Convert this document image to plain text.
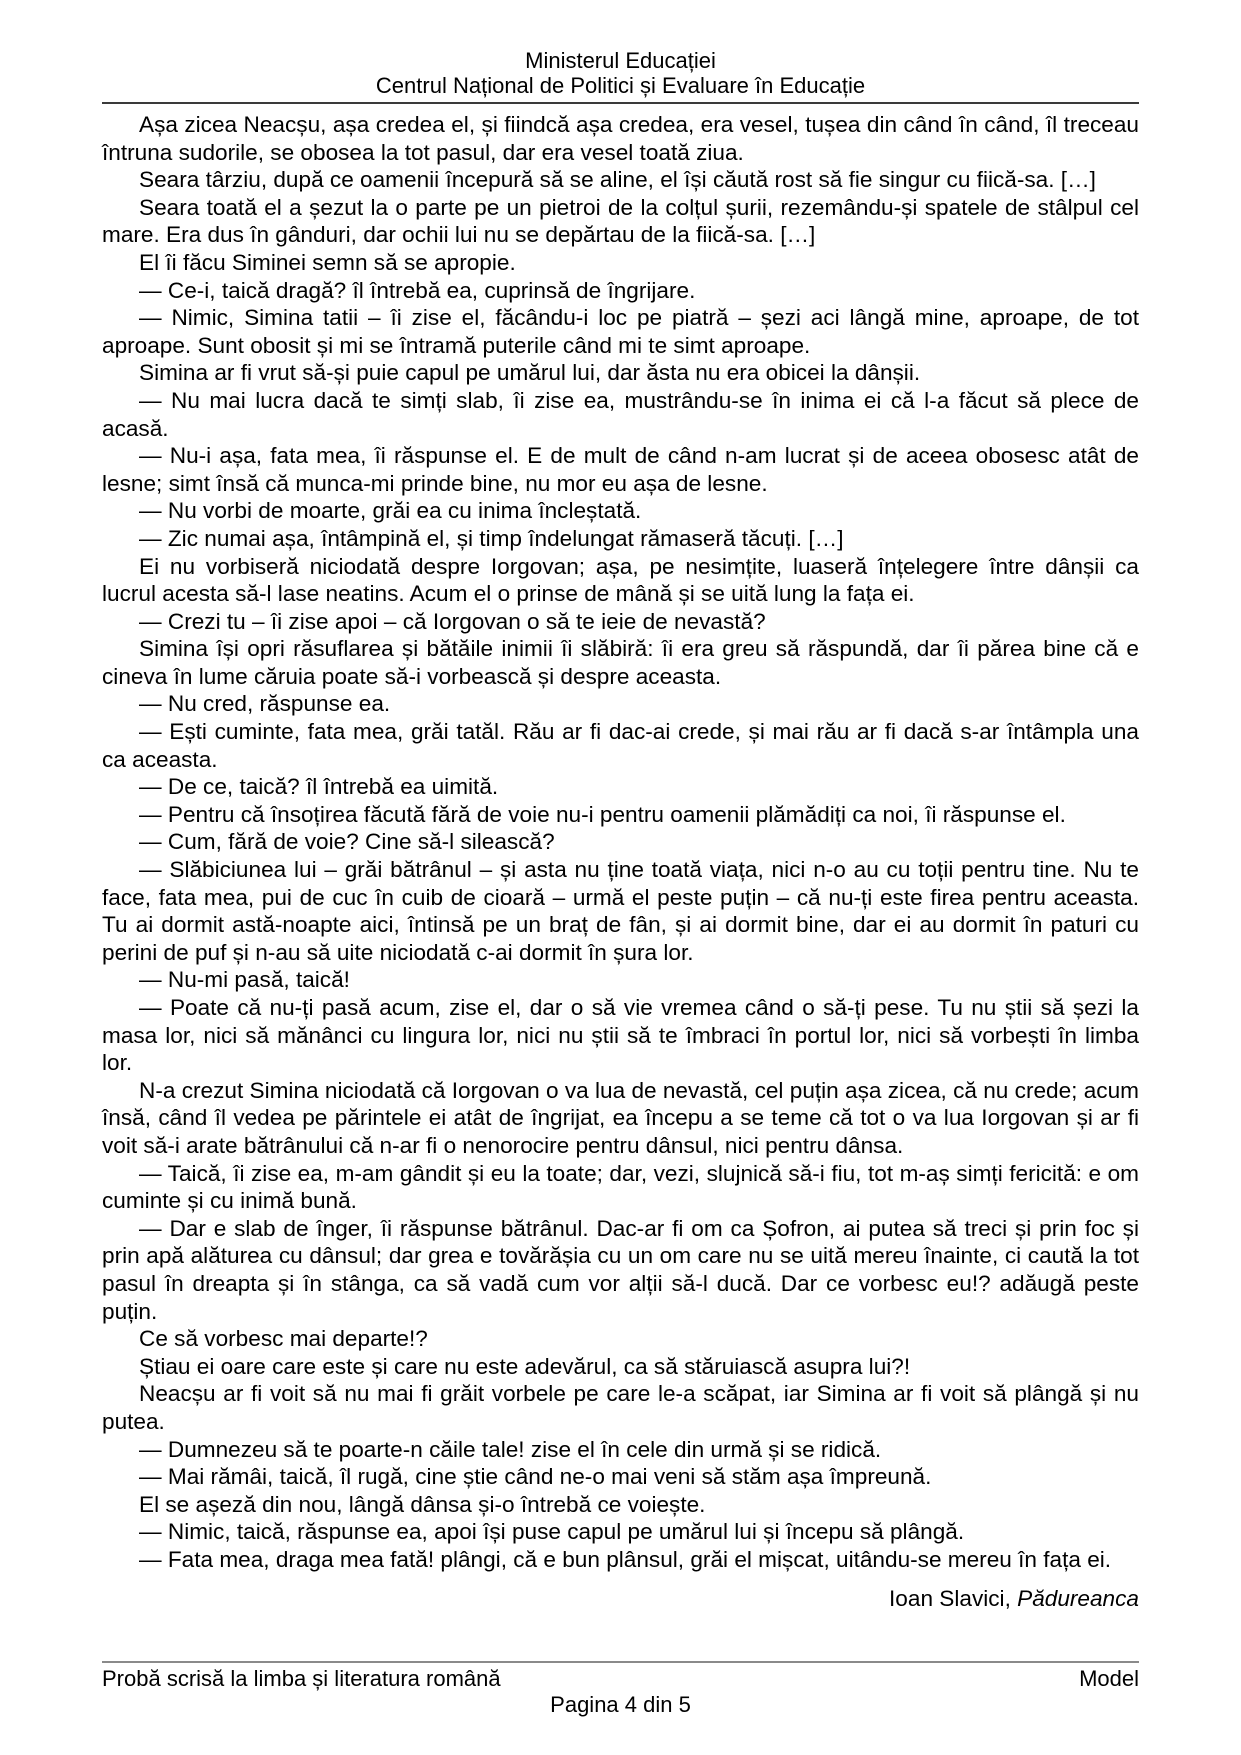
Ministerul Educației
Centrul Național de Politici și Evaluare în Educație

Așa zicea Neacșu, așa credea el, și fiindcă așa credea, era vesel, tușea din când în când, îl treceau întruna sudorile, se obosea la tot pasul, dar era vesel toată ziua.

Seara târziu, după ce oamenii începură să se aline, el își căută rost să fie singur cu fiică-sa. […]

Seara toată el a șezut la o parte pe un pietroi de la colțul șurii, rezemându-și spatele de stâlpul cel mare. Era dus în gânduri, dar ochii lui nu se depărtau de la fiică-sa. […]

El îi făcu Siminei semn să se apropie.

— Ce-i, taică dragă? îl întrebă ea, cuprinsă de îngrijare.

— Nimic, Simina tatii – îi zise el, făcându-i loc pe piatră – șezi aci lângă mine, aproape, de tot aproape. Sunt obosit și mi se întramă puterile când mi te simt aproape.

Simina ar fi vrut să-și puie capul pe umărul lui, dar ăsta nu era obicei la dânșii.

— Nu mai lucra dacă te simți slab, îi zise ea, mustrându-se în inima ei că l-a făcut să plece de acasă.

— Nu-i așa, fata mea, îi răspunse el. E de mult de când n-am lucrat și de aceea obosesc atât de lesne; simt însă că munca-mi prinde bine, nu mor eu așa de lesne.

— Nu vorbi de moarte, grăi ea cu inima încleștată.

— Zic numai așa, întâmpină el, și timp îndelungat rămaseră tăcuți. […]

Ei nu vorbiseră niciodată despre Iorgovan; așa, pe nesimțite, luaseră înțelegere între dânșii ca lucrul acesta să-l lase neatins. Acum el o prinse de mână și se uită lung la fața ei.

— Crezi tu – îi zise apoi – că Iorgovan o să te ieie de nevastă?

Simina își opri răsuflarea și bătăile inimii îi slăbiră: îi era greu să răspundă, dar îi părea bine că e cineva în lume căruia poate să-i vorbească și despre aceasta.

— Nu cred, răspunse ea.

— Ești cuminte, fata mea, grăi tatăl. Rău ar fi dac-ai crede, și mai rău ar fi dacă s-ar întâmpla una ca aceasta.

— De ce, taică? îl întrebă ea uimită.

— Pentru că însoțirea făcută fără de voie nu-i pentru oamenii plămădiți ca noi, îi răspunse el.

— Cum, fără de voie? Cine să-l silească?

— Slăbiciunea lui – grăi bătrânul – și asta nu ține toată viața, nici n-o au cu toții pentru tine. Nu te face, fata mea, pui de cuc în cuib de cioară – urmă el peste puțin – că nu-ți este firea pentru aceasta. Tu ai dormit astă-noapte aici, întinsă pe un braț de fân, și ai dormit bine, dar ei au dormit în paturi cu perini de puf și n-au să uite niciodată c-ai dormit în șura lor.

— Nu-mi pasă, taică!

— Poate că nu-ți pasă acum, zise el, dar o să vie vremea când o să-ți pese. Tu nu știi să șezi la masa lor, nici să mănânci cu lingura lor, nici nu știi să te îmbraci în portul lor, nici să vorbești în limba lor.

N-a crezut Simina niciodată că Iorgovan o va lua de nevastă, cel puțin așa zicea, că nu crede; acum însă, când îl vedea pe părintele ei atât de îngrijat, ea începu a se teme că tot o va lua Iorgovan și ar fi voit să-i arate bătrânului că n-ar fi o nenorocire pentru dânsul, nici pentru dânsa.

— Taică, îi zise ea, m-am gândit și eu la toate; dar, vezi, slujnică să-i fiu, tot m-aș simți fericită: e om cuminte și cu inimă bună.

— Dar e slab de înger, îi răspunse bătrânul. Dac-ar fi om ca Șofron, ai putea să treci și prin foc și prin apă alăturea cu dânsul; dar grea e tovărășia cu un om care nu se uită mereu înainte, ci caută la tot pasul în dreapta și în stânga, ca să vadă cum vor alții să-l ducă. Dar ce vorbesc eu!? adăugă peste puțin.

Ce să vorbesc mai departe!?

Știau ei oare care este și care nu este adevărul, ca să stăruiască asupra lui?!

Neacșu ar fi voit să nu mai fi grăit vorbele pe care le-a scăpat, iar Simina ar fi voit să plângă și nu putea.

— Dumnezeu să te poarte-n căile tale! zise el în cele din urmă și se ridică.

— Mai rămâi, taică, îl rugă, cine știe când ne-o mai veni să stăm așa împreună.

El se așeză din nou, lângă dânsa și-o întrebă ce voiește.

— Nimic, taică, răspunse ea, apoi își puse capul pe umărul lui și începu să plângă.

— Fata mea, draga mea fată! plângi, că e bun plânsul, grăi el mișcat, uitându-se mereu în fața ei.

Ioan Slavici, Pădureanca

Probă scrisă la limba și literatura română	Model
Pagina 4 din 5
